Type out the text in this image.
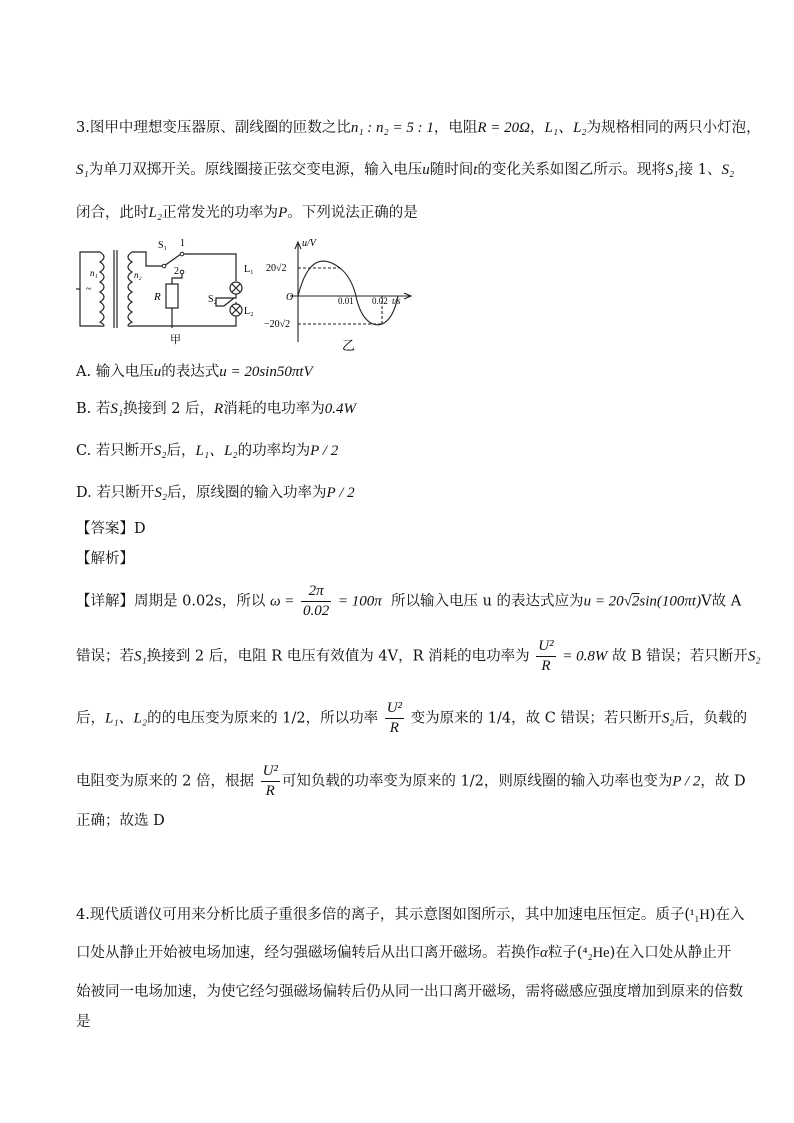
3.图甲中理想变压器原、副线圈的匝数之比n₁ : n₂ = 5 : 1，电阻R = 20Ω，L₁、L₂为规格相同的两只小灯泡，
S₁为单刀双掷开关。原线圈接正弦交变电源，输入电压u随时间t的变化关系如图乙所示。现将S₁接 1、S₂
闭合，此时L₂正常发光的功率为P。下列说法正确的是
S₁ 1
2
n₁	n₂
~
R	S₂
L₁
L₂
甲
u/V
20√2
O	0.01 0.02 t/s
−20√2
乙
A. 输入电压u的表达式u = 20sin50πtV
B. 若S₁换接到 2 后，R消耗的电功率为0.4W
C. 若只断开S₂后，L₁、L₂的功率均为P / 2
D. 若只断开S₂后，原线圈的输入功率为P / 2
【答案】D
【解析】
【详解】周期是 0.02s，所以 $\omega = \frac{2\pi}{0.02} = 100\pi$ 所以输入电压 u 的表达式应为u = 20√2sin(100πt)V故 A
错误；若S₁换接到 2 后，电阻 R 电压有效值为 4V，R 消耗的电功率为 $\frac{\text{U²}}{R} = 0.8W$ 故 B 错误；若只断开S₂
后，L₁、L₂的的电压变为原来的 1/2，所以功率 $\frac{\text{U²}}{R}$ 变为原来的 1/4，故 C 错误；若只断开S₂后，负载的
电阻变为原来的 2 倍，根据 $\frac{\text{U²}}{R}$ 可知负载的功率变为原来的 1/2，则原线圈的输入功率也变为P / 2，故 D
正确；故选 D
4.现代质谱仪可用来分析比质子重很多倍的离子，其示意图如图所示，其中加速电压恒定。质子(¹₁H)在入
口处从静止开始被电场加速，经匀强磁场偏转后从出口离开磁场。若换作α粒子(⁴₂He)在入口处从静止开
始被同一电场加速，为使它经匀强磁场偏转后仍从同一出口离开磁场，需将磁感应强度增加到原来的倍数
是
